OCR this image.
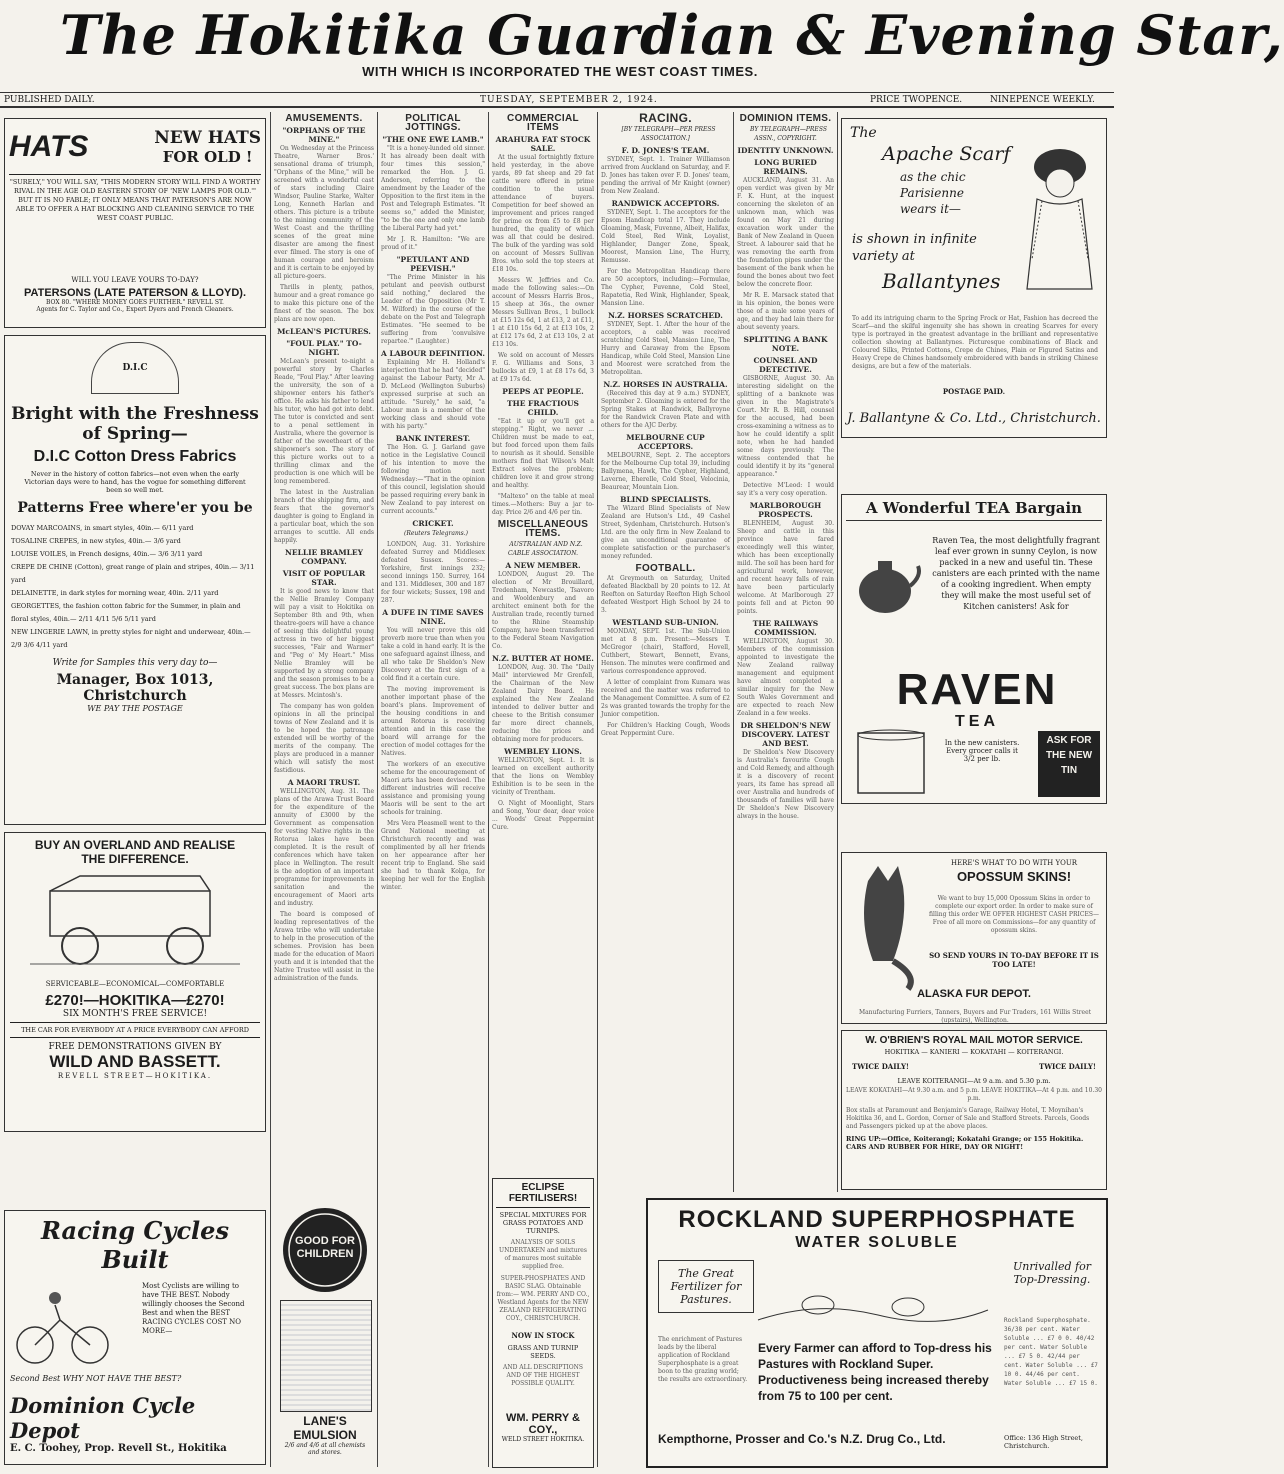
The Hokitika Guardian & Evening Star,
WITH WHICH IS INCORPORATED THE WEST COAST TIMES.
PUBLISHED DAILY.	TUESDAY, SEPTEMBER 2, 1924.	PRICE TWOPENCE.	NINEPENCE WEEKLY.
HATS	NEW HATS
FOR OLD !
"SURELY," YOU WILL SAY, "THIS MODERN STORY WILL FIND A WORTHY RIVAL IN THE AGE OLD EASTERN STORY OF 'NEW LAMPS FOR OLD.'" BUT IT IS NO FABLE; IT ONLY MEANS THAT PATERSON'S ARE NOW ABLE TO OFFER A HAT BLOCKING AND CLEANING SERVICE TO THE WEST COAST PUBLIC.
WILL YOU LEAVE YOURS TO-DAY?
PATERSONS (LATE PATERSON & LLOYD).
BOX 80. "WHERE MONEY GOES FURTHER." REVELL ST.
Agents for C. Taylor and Co., Expert Dyers and French Cleaners.
D.I.C
Bright with the Freshness of Spring—
D.I.C Cotton Dress Fabrics
Never in the history of cotton fabrics—not even when the early Victorian days were to hand, has the vogue for something different been so well met.
Patterns Free where'er you be
DOVAY MARCOAINS, in smart styles, 40in.— 6/11 yard
TOSALINE CREPES, in new styles, 40in.— 3/6 yard
LOUISE VOILES, in French designs, 40in.— 3/6 3/11 yard
CREPE DE CHINE (Cotton), great range of plain and stripes, 40in.— 3/11 yard
DELAINETTE, in dark styles for morning wear, 40in. 2/11 yard
GEORGETTES, the fashion cotton fabric for the Summer, in plain and floral styles, 40in.— 2/11 4/11 5/6 5/11 yard
NEW LINGERIE LAWN, in pretty styles for night and underwear, 40in.— 2/9 3/6 4/11 yard
Write for Samples this very day to—
Manager, Box 1013, Christchurch
WE PAY THE POSTAGE
BUY AN OVERLAND AND REALISE
THE DIFFERENCE.
SERVICEABLE—ECONOMICAL—COMFORTABLE
£270!—HOKITIKA—£270!
SIX MONTH'S FREE SERVICE!
THE CAR FOR EVERYBODY AT A PRICE EVERYBODY CAN AFFORD
FREE DEMONSTRATIONS GIVEN BY
WILD AND BASSETT.
REVELL STREET—HOKITIKA.
Racing Cycles Built
Most Cyclists are willing to have THE BEST. Nobody willingly chooses the Second Best and when the BEST RACING CYCLES COST NO MORE—
Second Best WHY NOT HAVE THE BEST?
Dominion Cycle Depot
E. C. Toohey, Prop. Revell St., Hokitika
AMUSEMENTS.
"ORPHANS OF THE MINE."

On Wednesday at the Princess Theatre, Warner Bros.' sensational drama of triumph, "Orphans of the Mine," will be screened with a wonderful cast of stars including Claire Windsor, Pauline Starke, Walter Long, Kenneth Harlan and others. This picture is a tribute to the mining community of the West Coast and the thrilling scenes of the great mine disaster are among the finest ever filmed. The story is one of human courage and heroism and it is certain to be enjoyed by all picture-goers.

Thrills in plenty, pathos, humour and a great romance go to make this picture one of the finest of the season. The box plans are now open.

McLEAN'S PICTURES.
"FOUL PLAY." TO-NIGHT.

McLean's present to-night a powerful story by Charles Reade, "Foul Play." After leaving the university, the son of a shipowner enters his father's office. He asks his father to lend his tutor, who had got into debt. The tutor is convicted and sent to a penal settlement in Australia, where the governor is father of the sweetheart of the shipowner's son. The story of this picture works out to a thrilling climax and the production is one which will be long remembered.

The latest in the Australian branch of the shipping firm, and fears that the governor's daughter is going to England in a particular boat, which the son arranges to scuttle. All ends happily.

NELLIE BRAMLEY COMPANY.
VISIT OF POPULAR STAR.

It is good news to know that the Nellie Bramley Company will pay a visit to Hokitika on September 8th and 9th, when theatre-goers will have a chance of seeing this delightful young actress in two of her biggest successes, "Fair and Warmer" and "Peg o' My Heart." Miss Nellie Bramley will be supported by a strong company and the season promises to be a great success. The box plans are at Messrs. Mcintosh's.

The company has won golden opinions in all the principal towns of New Zealand and it is to be hoped the patronage extended will be worthy of the merits of the company. The plays are produced in a manner which will satisfy the most fastidious.

A MAORI TRUST.

WELLINGTON, Aug. 31. The plans of the Arawa Trust Board for the expenditure of the annuity of £3000 by the Government as compensation for vesting Native rights in the Rotorua lakes have been completed. It is the result of conferences which have taken place in Wellington. The result is the adoption of an important programme for improvements in sanitation and the encouragement of Maori arts and industry.

The board is composed of leading representatives of the Arawa tribe who will undertake to help in the prosecution of the schemes. Provision has been made for the education of Maori youth and it is intended that the Native Trustee will assist in the administration of the funds.

GOOD FOR CHILDREN
LANE'S EMULSION
2/6 and 4/6 at all chemists and stores.
POLITICAL JOTTINGS.
"THE ONE EWE LAMB."

"It is a honey-lunded old sinner. It has already been dealt with four times this session," remarked the Hon. J. G. Anderson, referring to the amendment by the Leader of the Opposition to the first item in the Post and Telegraph Estimates. "It seems so," added the Minister, "to be the one and only one lamb the Liberal Party had yet."

Mr J. R. Hamilton: "We are proud of it."

"PETULANT AND PEEVISH."

"The Prime Minister in his petulant and peevish outburst said nothing," declared the Leader of the Opposition (Mr T. M. Wilford) in the course of the debate on the Post and Telegraph Estimates. "He seemed to be suffering from 'convulsive repartee.'" (Laughter.)

A LABOUR DEFINITION.

Explaining Mr H. Holland's interjection that he had "decided" against the Labour Party, Mr A. D. McLeod (Wellington Suburbs) expressed surprise at such an attitude. "Surely," he said, "a Labour man is a member of the working class and should vote with his party."

BANK INTEREST.

The Hon. G. J. Garland gave notice in the Legislative Council of his intention to move the following motion next Wednesday:—"That in the opinion of this council, legislation should be passed requiring every bank in New Zealand to pay interest on current accounts."

CRICKET.

(Reuters Telegrams.)

LONDON, Aug. 31. Yorkshire defeated Surrey and Middlesex defeated Sussex. Scores:— Yorkshire, first innings 232; second innings 150. Surrey, 164 and 131. Middlesex, 300 and 187 for four wickets; Sussex, 198 and 287.

A DUFE IN TIME SAVES NINE.

You will never prove this old proverb more true than when you take a cold in hand early. It is the one safeguard against illness, and all who take Dr Sheldon's New Discovery at the first sign of a cold find it a certain cure.

The moving improvement is another important phase of the board's plans. Improvement of the housing conditions in and around Rotorua is receiving attention and in this case the board will arrange for the erection of model cottages for the Natives.

The workers of an executive scheme for the encouragement of Maori arts has been devised. The different industries will receive assistance and promising young Maoris will be sent to the art schools for training.

Mrs Vera Pleasmell went to the Grand National meeting at Christchurch recently and was complimented by all her friends on her appearance after her recent trip to England. She said she had to thank Kolga, for keeping her well for the English winter.

COMMERCIAL ITEMS
ARAHURA FAT STOCK SALE.

At the usual fortnightly fixture held yesterday, in the above yards, 89 fat sheep and 29 fat cattle were offered in prime condition to the usual attendance of buyers. Competition for beef showed an improvement and prices ranged for prime ox from £5 to £8 per hundred, the quality of which was all that could be desired. The bulk of the yarding was sold on account of Messrs Sullivan Bros. who sold the top steers at £18 10s.

Messrs W. Jeffries and Co. made the following sales:—On account of Messrs Harris Bros., 15 sheep at 36s., the owner Messrs Sullivan Bros., 1 bullock at £15 12s 6d, 1 at £13, 2 at £11, 1 at £10 15s 6d, 2 at £13 10s, 2 at £12 17s 6d, 2 at £13 10s, 2 at £13 10s.

We sold on account of Messrs F. G. Williams and Sons, 3 bullocks at £9, 1 at £8 17s 6d, 3 at £9 17s 6d.

PEEPS AT PEOPLE.
THE FRACTIOUS CHILD.

"Eat it up or you'll get a stepping." Right, we never ... Children must be made to eat, but food forced upon them fails to nourish as it should. Sensible mothers find that Wilson's Malt Extract solves the problem; children love it and grow strong and healthy.

"Maltexo" on the table at meal times.—Mothers: Buy a jar to-day. Price 2/6 and 4/6 per tin.

MISCELLANEOUS ITEMS.

AUSTRALIAN AND N.Z. CABLE ASSOCIATION.

A NEW MEMBER.

LONDON, August 29. The election of Mr Brouillard, Tredenham, Newcastle, Tsavoro and Wooldenbury and an architect eminent both for the Australian trade, recently turned to the Rhine Steamship Company, have been transferred to the Federal Steam Navigation Co.

N.Z. BUTTER AT HOME.

LONDON, Aug. 30. The "Daily Mail" interviewed Mr Grenfell, the Chairman of the New Zealand Dairy Board. He explained the New Zealand intended to deliver butter and cheese to the British consumer far more direct channels, reducing the prices and obtaining more for producers.

WEMBLEY LIONS.

WELLINGTON, Sept. 1. It is learned on excellent authority that the lions on Wembley Exhibition is to be seen in the vicinity of Trentham.

O. Night of Moonlight, Stars and Song, Your dear, dear voice ... Woods' Great Peppermint Cure.

ECLIPSE FERTILISERS!
SPECIAL MIXTURES FOR GRASS POTATOES AND TURNIPS.

ANALYSIS OF SOILS UNDERTAKEN and mixtures of manures most suitable supplied free.

SUPER-PHOSPHATES AND BASIC SLAG. Obtainable from:— WM. PERRY AND CO., Westland Agents for the NEW ZEALAND REFRIGERATING COY., CHRISTCHURCH.

NOW IN STOCK
GRASS AND TURNIP SEEDS.

AND ALL DESCRIPTIONS AND OF THE HIGHEST POSSIBLE QUALITY.

WM. PERRY & COY.,
WELD STREET HOKITIKA.
RACING.

[BY TELEGRAPH—PER PRESS ASSOCIATION.]

F. D. JONES'S TEAM.

SYDNEY, Sept. 1. Trainer Williamson arrived from Auckland on Saturday, and F. D. Jones has taken over F. D. Jones' team, pending the arrival of Mr Knight (owner) from New Zealand.

RANDWICK ACCEPTORS.

SYDNEY, Sept. 1. The acceptors for the Epsom Handicap total 17. They include Gloaming, Mask, Fuvenne, Albeit, Halifax, Cold Steel, Red Wink, Loyalist, Highlander, Danger Zone, Speak, Moorest, Mansion Line, The Hurry, Remusse.

For the Metropolitan Handicap there are 50 acceptors, including:—Formulae, The Cypher, Fuvenne, Cold Steel, Rapatetia, Red Wink, Highlander, Speak, Mansion Line.

N.Z. HORSES SCRATCHED.

SYDNEY, Sept. 1. After the hour of the acceptors, a cable was received scratching Cold Steel, Mansion Line, The Hurry and Caraway from the Epsom Handicap, while Cold Steel, Mansion Line and Moorest were scratched from the Metropolitan.

N.Z. HORSES IN AUSTRALIA.

(Received this day at 9 a.m.) SYDNEY, September 2. Gloaming is entered for the Spring Stakes at Randwick, Ballyroyne for the Randwick Craven Plate and with others for the AJC Derby.

MELBOURNE CUP ACCEPTORS.

MELBOURNE, Sept. 2. The acceptors for the Melbourne Cup total 39, including Ballymena, Hawk, The Cypher, Highland, Laverne, Eherelle, Cold Steel, Velocinia, Beaurear, Mountain Lion.

BLIND SPECIALISTS.

The Wizard Blind Specialists of New Zealand are Hutson's Ltd., 49 Cashel Street, Sydenham, Christchurch. Hutson's Ltd. are the only firm in New Zealand to give an unconditional guarantee of complete satisfaction or the purchaser's money refunded.

FOOTBALL.

At Greymouth on Saturday, United defeated Blackball by 20 points to 12. At Reefton on Saturday Reefton High School defeated Westport High School by 24 to 3.

WESTLAND SUB-UNION.

MONDAY, SEPT. 1st. The Sub-Union met at 8 p.m. Present:—Messrs T. McGregor (chair), Stafford, Hovell, Cuthbert, Stewart, Bennett, Evans, Henson. The minutes were confirmed and various correspondence approved.

A letter of complaint from Kumara was received and the matter was referred to the Management Committee. A sum of £2 2s was granted towards the trophy for the Junior competition.

For Children's Hacking Cough, Woods Great Peppermint Cure.

DOMINION ITEMS.

BY TELEGRAPH—PRESS ASSN., COPYRIGHT.

IDENTITY UNKNOWN.
LONG BURIED REMAINS.

AUCKLAND, August 31. An open verdict was given by Mr F. K. Hunt, at the inquest concerning the skeleton of an unknown man, which was found on May 21 during excavation work under the Bank of New Zealand in Queen Street. A labourer said that he was removing the earth from the foundation pipes under the basement of the bank when he found the bones about two feet below the concrete floor.

Mr R. E. Marsack stated that in his opinion, the bones were those of a male some years of age, and they had lain there for about seventy years.

SPLITTING A BANK NOTE.
COUNSEL AND DETECTIVE.

GISBORNE, August 30. An interesting sidelight on the splitting of a banknote was given in the Magistrate's Court. Mr R. B. Hill, counsel for the accused, had been cross-examining a witness as to how he could identify a split note, when he had handed some days previously. The witness contended that he could identify it by its "general appearance."

Detective M'Leod: I would say it's a very cosy operation.

MARLBOROUGH PROSPECTS.

BLENHEIM, August 30. Sheep and cattle in this province have fared exceedingly well this winter, which has been exceptionally mild. The soil has been hard for agricultural work, however, and recent heavy falls of rain have been particularly welcome. At Marlborough 27 points fell and at Picton 90 points.

THE RAILWAYS COMMISSION.

WELLINGTON, August 30. Members of the commission appointed to investigate the New Zealand railway management and equipment have almost completed a similar inquiry for the New South Wales Government and are expected to reach New Zealand in a few weeks.

DR SHELDON'S NEW DISCOVERY. LATEST AND BEST.

Dr Sheldon's New Discovery is Australia's favourite Cough and Cold Remedy, and although it is a discovery of recent years, its fame has spread all over Australia and hundreds of thousands of families will have Dr Sheldon's New Discovery always in the house.

The
Apache Scarf
as the chic Parisienne wears it—
is shown in infinite variety at
Ballantynes

To add its intriguing charm to the Spring Frock or Hat, Fashion has decreed the Scarf—and the skilful ingenuity she has shown in creating Scarves for every type is portrayed in the greatest advantage in the brilliant and representative collection showing at Ballantynes. Picturesque combinations of Black and Coloured Silks, Printed Cottons, Crepe de Chines, Plain or Figured Satins and Heavy Crepe de Chines handsomely embroidered with bands in striking Chinese designs, are but a few of the materials.

POSTAGE PAID.
J. Ballantyne & Co. Ltd., Christchurch.
A Wonderful TEA Bargain
Raven Tea, the most delightfully fragrant leaf ever grown in sunny Ceylon, is now packed in a new and useful tin. These canisters are each printed with the name of a cooking ingredient. When empty they will make the most useful set of Kitchen canisters! Ask for
RAVEN
TEA
In the new canisters. Every grocer calls it 3/2 per lb.
ASK FOR THE NEW TIN
HERE'S WHAT TO DO WITH YOUR
OPOSSUM SKINS!

We want to buy 15,000 Opossum Skins in order to complete our export order. In order to make sure of filling this order WE OFFER HIGHEST CASH PRICES—Free of all more on Commissions—for any quantity of opossum skins.

SO SEND YOURS IN TO-DAY BEFORE IT IS TOO LATE!
ALASKA FUR DEPOT.

Manufacturing Furriers, Tanners, Buyers and Fur Traders, 161 Willis Street (upstairs), Wellington.

W. O'BRIEN'S ROYAL MAIL MOTOR SERVICE.
HOKITIKA — KANIERI — KOKATAHI — KOITERANGI.
TWICE DAILY!	TWICE DAILY!
LEAVE KOITERANGI—At 9 a.m. and 5.30 p.m.

LEAVE KOKATAHI—At 9.30 a.m. and 5 p.m. LEAVE HOKITIKA—At 4 p.m. and 10.30 p.m.

Box stalls at Paramount and Benjamin's Garage, Railway Hotel, T. Moynihan's Hokitika 36, and L. Gordon, Corner of Sale and Stafford Streets. Parcels, Goods and Passengers picked up at the above places.

RING UP:—Office, Koiterangi; Kokatahi Grange; or 155 Hokitika. CARS AND RUBBER FOR HIRE, DAY OR NIGHT!
ROCKLAND SUPERPHOSPHATE
WATER SOLUBLE
The Great Fertilizer for Pastures.
Unrivalled for Top-Dressing.

The enrichment of Pastures leads by the liberal application of Rockland Superphosphate is a great boon to the grazing world; the results are extraordinary.

Every Farmer can afford to Top-dress his Pastures with Rockland Super. Productiveness being increased thereby from 75 to 100 per cent.

Rockland Superphosphate. 36/38 per cent. Water Soluble ... £7 0 0. 40/42 per cent. Water Soluble ... £7 5 0. 42/44 per cent. Water Soluble ... £7 10 0. 44/46 per cent. Water Soluble ... £7 15 0.

Kempthorne, Prosser and Co.'s N.Z. Drug Co., Ltd.	Office: 136 High Street, Christchurch.
